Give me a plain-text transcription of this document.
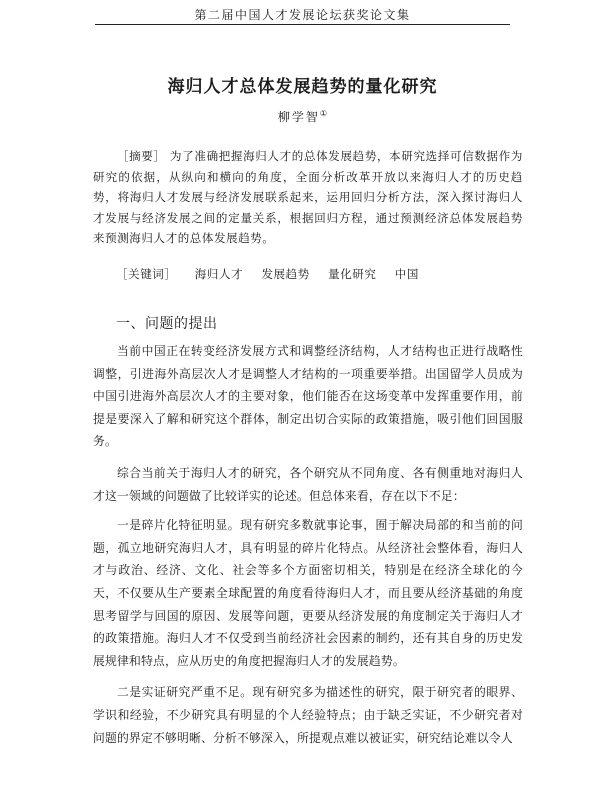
第二届中国人才发展论坛获奖论文集
海归人才总体发展趋势的量化研究
柳学智①
［摘要］ 为了准确把握海归人才的总体发展趋势，本研究选择可信数据作为研究的依据，从纵向和横向的角度，全面分析改革开放以来海归人才的历史趋势，将海归人才发展与经济发展联系起来，运用回归分析方法，深入探讨海归人才发展与经济发展之间的定量关系，根据回归方程，通过预测经济总体发展趋势来预测海归人才的总体发展趋势。
［关键词］ 海归人才 发展趋势 量化研究 中国
一、问题的提出

当前中国正在转变经济发展方式和调整经济结构，人才结构也正进行战略性调整，引进海外高层次人才是调整人才结构的一项重要举措。出国留学人员成为中国引进海外高层次人才的主要对象，他们能否在这场变革中发挥重要作用，前提是要深入了解和研究这个群体，制定出切合实际的政策措施，吸引他们回国服务。

综合当前关于海归人才的研究，各个研究从不同角度、各有侧重地对海归人才这一领域的问题做了比较详实的论述。但总体来看，存在以下不足：

一是碎片化特征明显。现有研究多数就事论事，囿于解决局部的和当前的问题，孤立地研究海归人才，具有明显的碎片化特点。从经济社会整体看，海归人才与政治、经济、文化、社会等多个方面密切相关，特别是在经济全球化的今天，不仅要从生产要素全球配置的角度看待海归人才，而且要从经济基础的角度思考留学与回国的原因、发展等问题，更要从经济发展的角度制定关于海归人才的政策措施。海归人才不仅受到当前经济社会因素的制约，还有其自身的历史发展规律和特点，应从历史的角度把握海归人才的发展趋势。

二是实证研究严重不足。现有研究多为描述性的研究，限于研究者的眼界、学识和经验，不少研究具有明显的个人经验特点；由于缺乏实证，不少研究者对问题的界定不够明晰、分析不够深入，所提观点难以被证实，研究结论难以令人
